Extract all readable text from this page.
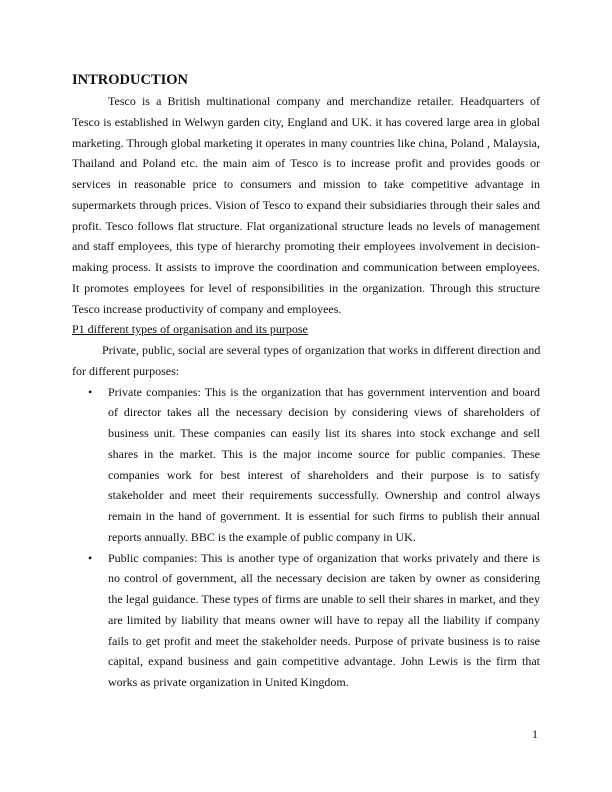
INTRODUCTION
Tesco is a British multinational company and merchandize retailer. Headquarters of
Tesco is established in Welwyn garden city, England and UK. it has covered large area in global
marketing. Through global marketing it operates in many countries like china, Poland , Malaysia,
Thailand and Poland etc. the main aim of Tesco is to increase profit and provides goods or
services in reasonable price to consumers and mission to take competitive advantage in
supermarkets through prices. Vision of Tesco to expand their subsidiaries through their sales and
profit. Tesco follows flat structure. Flat organizational structure leads no levels of management
and staff employees, this type of hierarchy promoting their employees involvement in decision-
making process. It assists to improve the coordination and communication between employees.
It promotes employees for level of responsibilities in the organization. Through this structure
Tesco increase productivity of company and employees.
P1 different types of organisation and its purpose
Private, public, social are several types of organization that works in different direction and
for different purposes:
• Private companies: This is the organization that has government intervention and board
of director takes all the necessary decision by considering views of shareholders of
business unit. These companies can easily list its shares into stock exchange and sell
shares in the market. This is the major income source for public companies. These
companies work for best interest of shareholders and their purpose is to satisfy
stakeholder and meet their requirements successfully. Ownership and control always
remain in the hand of government. It is essential for such firms to publish their annual
reports annually. BBC is the example of public company in UK.
• Public companies: This is another type of organization that works privately and there is
no control of government, all the necessary decision are taken by owner as considering
the legal guidance. These types of firms are unable to sell their shares in market, and they
are limited by liability that means owner will have to repay all the liability if company
fails to get profit and meet the stakeholder needs. Purpose of private business is to raise
capital, expand business and gain competitive advantage. John Lewis is the firm that
works as private organization in United Kingdom.
1
